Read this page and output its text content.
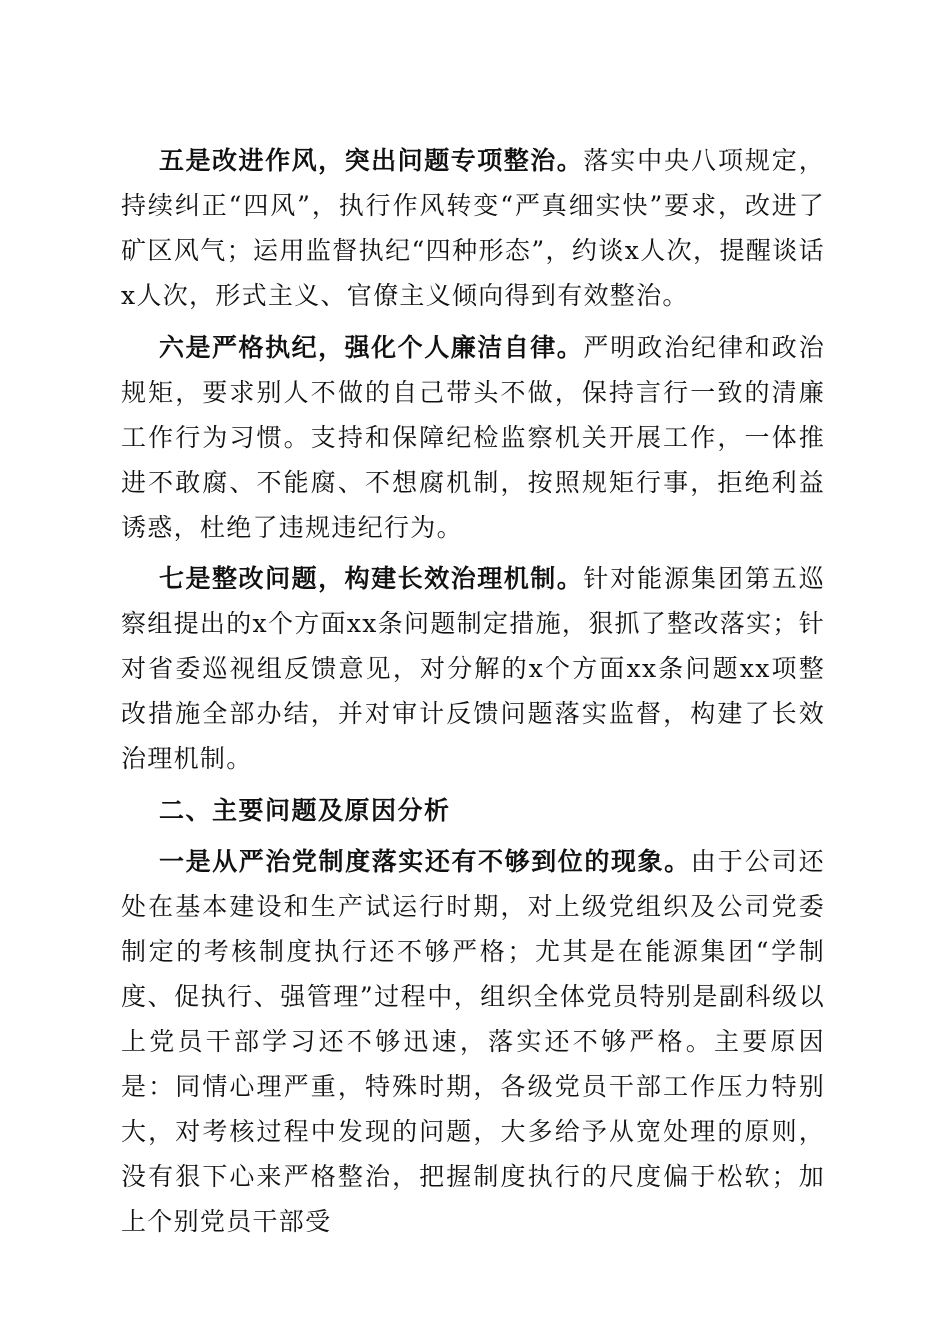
五是改进作风，突出问题专项整治。落实中央八项规定，持续纠正“四风”，执行作风转变“严真细实快”要求，改进了矿区风气；运用监督执纪“四种形态”，约谈x人次，提醒谈话x人次，形式主义、官僚主义倾向得到有效整治。

六是严格执纪，强化个人廉洁自律。严明政治纪律和政治规矩，要求别人不做的自己带头不做，保持言行一致的清廉工作行为习惯。支持和保障纪检监察机关开展工作，一体推进不敢腐、不能腐、不想腐机制，按照规矩行事，拒绝利益诱惑，杜绝了违规违纪行为。

七是整改问题，构建长效治理机制。针对能源集团第五巡察组提出的x个方面xx条问题制定措施，狠抓了整改落实；针对省委巡视组反馈意见，对分解的x个方面xx条问题xx项整改措施全部办结，并对审计反馈问题落实监督，构建了长效治理机制。

二、主要问题及原因分析

一是从严治党制度落实还有不够到位的现象。由于公司还处在基本建设和生产试运行时期，对上级党组织及公司党委制定的考核制度执行还不够严格；尤其是在能源集团“学制度、促执行、强管理”过程中，组织全体党员特别是副科级以上党员干部学习还不够迅速，落实还不够严格。主要原因是：同情心理严重，特殊时期，各级党员干部工作压力特别大，对考核过程中发现的问题，大多给予从宽处理的原则，没有狠下心来严格整治，把握制度执行的尺度偏于松软；加上个别党员干部受
